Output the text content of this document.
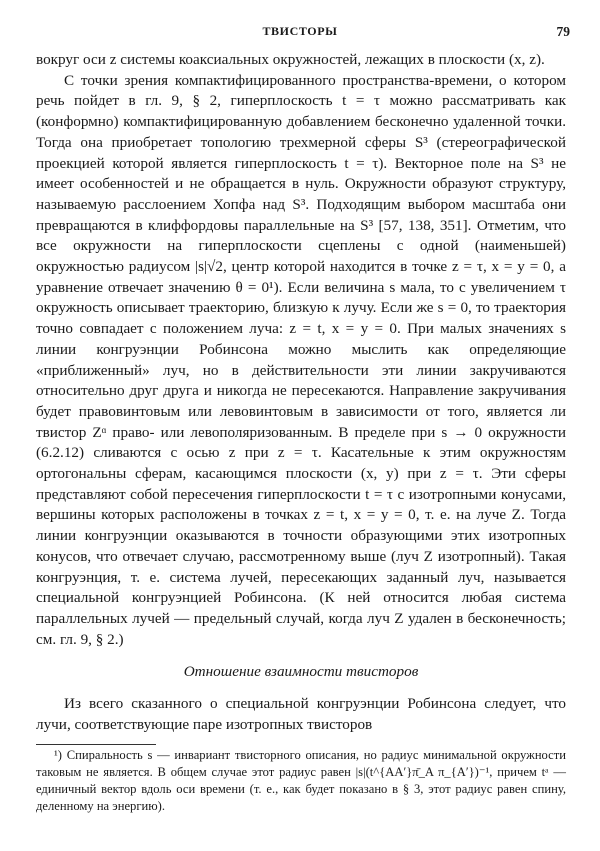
ТВИСТОРЫ	79

вокруг оси z системы коаксиальных окружностей, лежащих в плоскости (x, z).

С точки зрения компактифицированного пространства-времени, о котором речь пойдет в гл. 9, § 2, гиперплоскость t = τ можно рассматривать как (конформно) компактифицированную добавлением бесконечно удаленной точки. Тогда она приобретает топологию трехмерной сферы S³ (стереографической проекцией которой является гиперплоскость t = τ). Векторное поле на S³ не имеет особенностей и не обращается в нуль. Окружности образуют структуру, называемую расслоением Хопфа над S³. Подходящим выбором масштаба они превращаются в клиффордовы параллельные на S³ [57, 138, 351]. Отметим, что все окружности на гиперплоскости сцеплены с одной (наименьшей) окружностью радиусом |s|√2, центр которой находится в точке z = τ, x = y = 0, а уравнение отвечает значению θ = 0¹). Если величина s мала, то с увеличением τ окружность описывает траекторию, близкую к лучу. Если же s = 0, то траектория точно совпадает с положением луча: z = t, x = y = 0. При малых значениях s линии конгруэнции Робинсона можно мыслить как определяющие «приближенный» луч, но в действительности эти линии закручиваются относительно друг друга и никогда не пересекаются. Направление закручивания будет правовинтовым или левовинтовым в зависимости от того, является ли твистор Zᵅ право- или левополяризованным. В пределе при s → 0 окружности (6.2.12) сливаются с осью z при z = τ. Касательные к этим окружностям ортогональны сферам, касающимся плоскости (x, y) при z = τ. Эти сферы представляют собой пересечения гиперплоскости t = τ с изотропными конусами, вершины которых расположены в точках z = t, x = y = 0, т. е. на луче Z. Тогда линии конгруэнции оказываются в точности образующими этих изотропных конусов, что отвечает случаю, рассмотренному выше (луч Z изотропный). Такая конгруэнция, т. е. система лучей, пересекающих заданный луч, называется специальной конгруэнцией Робинсона. (К ней относится любая система параллельных лучей — предельный случай, когда луч Z удален в бесконечность; см. гл. 9, § 2.)

Отношение взаимности твисторов

Из всего сказанного о специальной конгруэнции Робинсона следует, что лучи, соответствующие паре изотропных твисторов

¹) Спиральность s — инвариант твисторного описания, но радиус минимальной окружности таковым не является. В общем случае этот радиус равен |s|(t^{AA′}π̄_A π_{A′})⁻¹, причем tᵃ — единичный вектор вдоль оси времени (т. е., как будет показано в § 3, этот радиус равен спину, деленному на энергию).
